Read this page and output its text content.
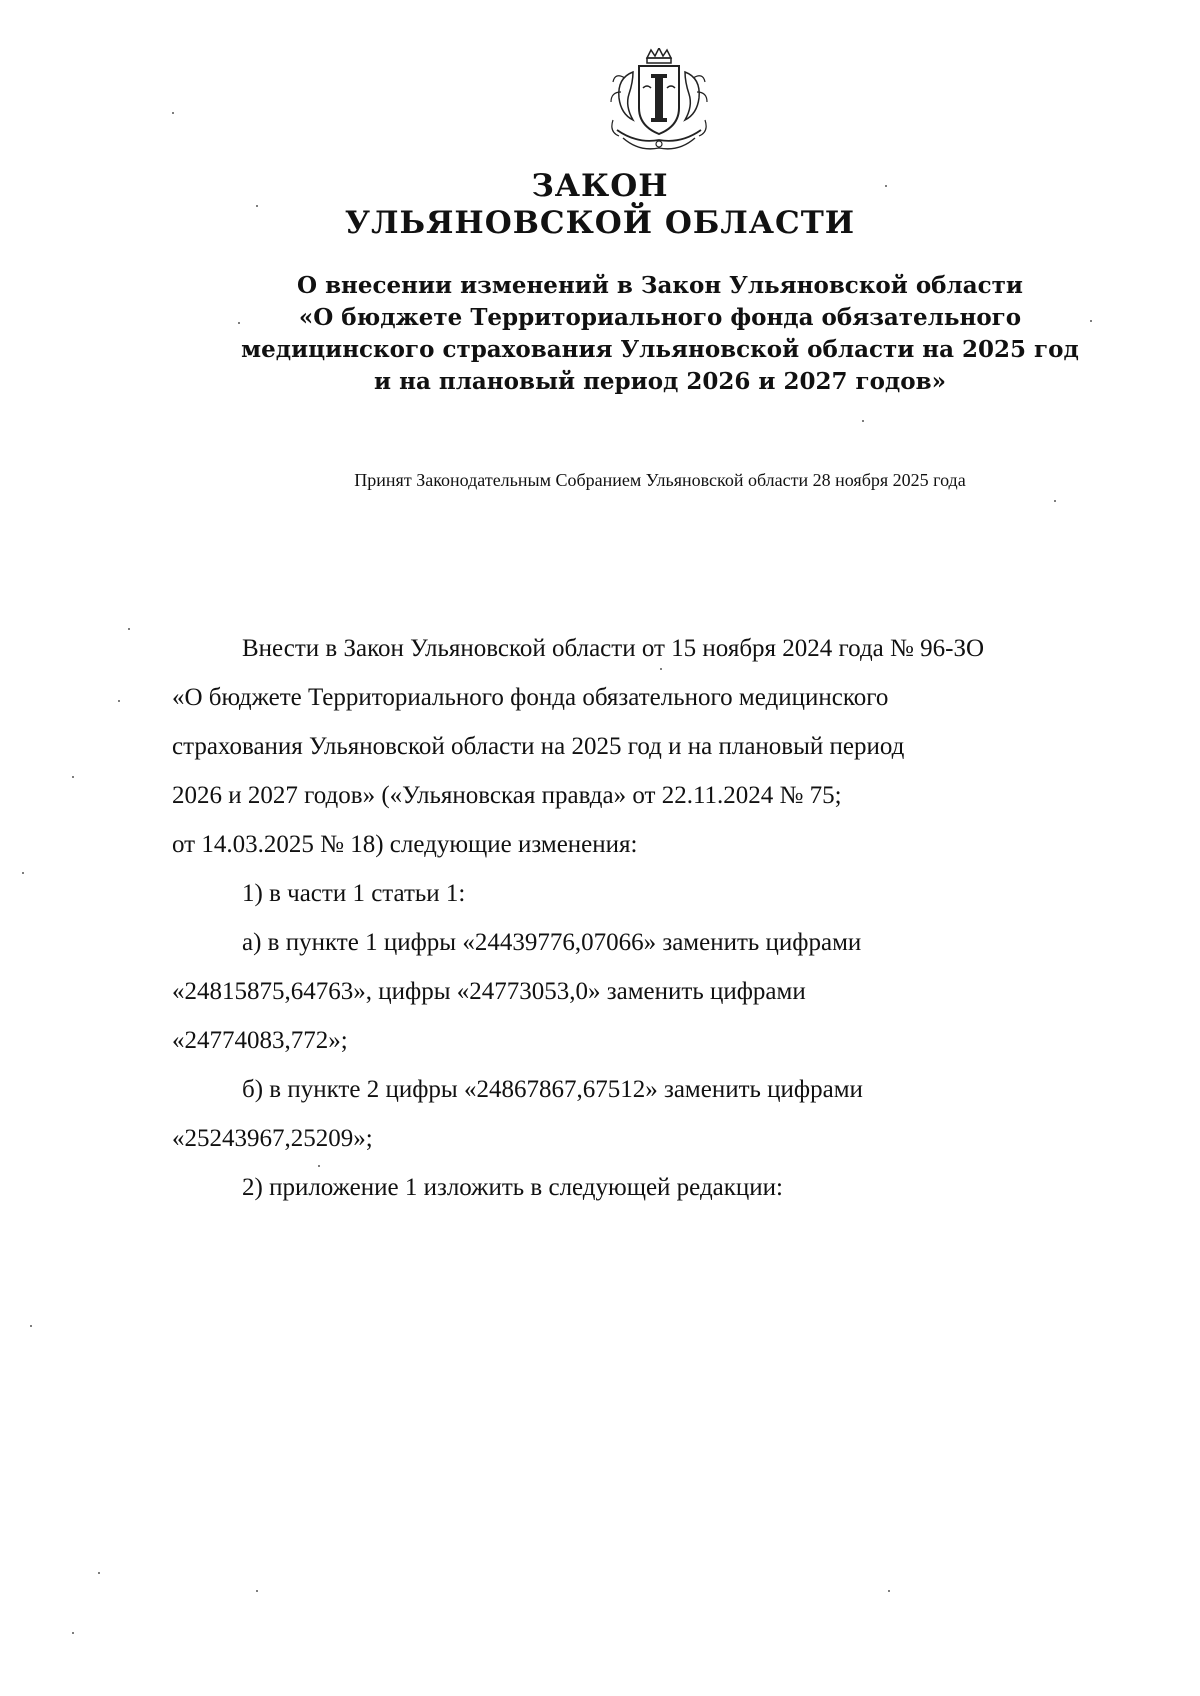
ЗАКОН
УЛЬЯНОВСКОЙ ОБЛАСТИ
О внесении изменений в Закон Ульяновской области
«О бюджете Территориального фонда обязательного
медицинского страхования Ульяновской области на 2025 год
и на плановый период 2026 и 2027 годов»
Принят Законодательным Собранием Ульяновской области 28 ноября 2025 года

Внести в Закон Ульяновской области от 15 ноября 2024 года № 96-ЗО

«О бюджете Территориального фонда обязательного медицинского

страхования Ульяновской области на 2025 год и на плановый период

2026 и 2027 годов» («Ульяновская правда» от 22.11.2024 № 75;

от 14.03.2025 № 18) следующие изменения:

1) в части 1 статьи 1:

а) в пункте 1 цифры «24439776,07066» заменить цифрами

«24815875,64763», цифры «24773053,0» заменить цифрами

«24774083,772»;

б) в пункте 2 цифры «24867867,67512» заменить цифрами

«25243967,25209»;

2) приложение 1 изложить в следующей редакции:
